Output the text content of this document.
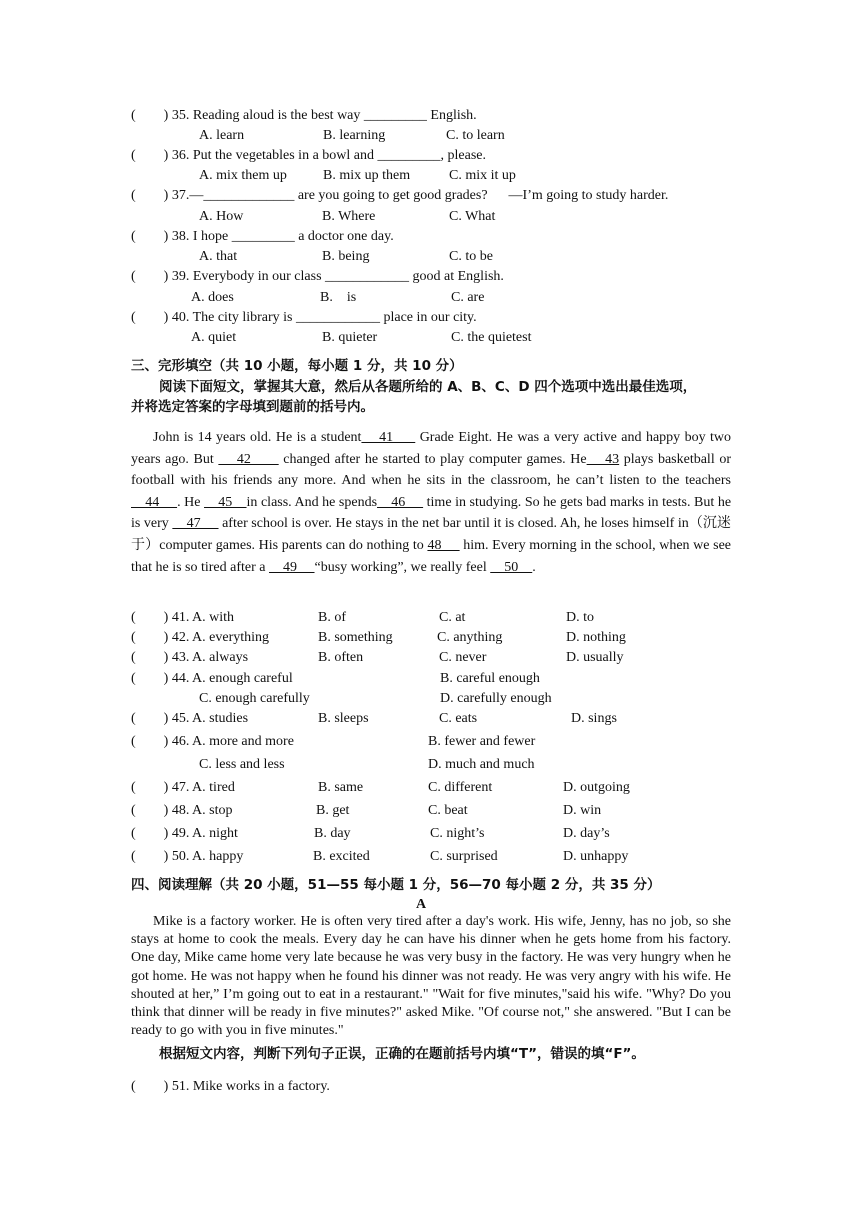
(        ) 35. Reading aloud is the best way _________ English.
A. learn	B. learning	C. to learn
(        ) 36. Put the vegetables in a bowl and _________, please.
A. mix them up	B. mix up them	C. mix it up
(        ) 37.—_____________ are you going to get good grades?      —I’m going to study harder.
A. How	B. Where	C. What
(        ) 38. I hope _________ a doctor one day.
A. that	B. being	C. to be
(        ) 39. Everybody in our class ____________ good at English.
A. does	B.    is	C. are
(        ) 40. The city library is ____________ place in our city.
A. quiet	B. quieter	C. the quietest
三、完形填空（共 10 小题，每小题 1 分，共 10 分）
阅读下面短文，掌握其大意，然后从各题所给的 A、B、C、D 四个选项中选出最佳选项，
并将选定答案的字母填到题前的括号内。
John is 14 years old. He is a student    41      Grade Eight. He was a very active and happy boy two years ago. But     42       changed after he started to play computer games. He    43 plays basketball or football with his friends any more. And when he sits in the classroom, he can’t listen to the teachers     44     . He     45    in class. And he spends    46      time in studying. So he gets bad marks in tests. But he is very     47      after school is over. He stays in the net bar until it is closed. Ah, he loses himself in（沉迷于）computer games. His parents can do nothing to 48      him. Every morning in the school, when we see that he is so tired after a     49     “busy working”, we really feel     50    .
(        ) 41. A. with	B. of	C. at	D. to
(        ) 42. A. everything	B. something	C. anything	D. nothing
(        ) 43. A. always	B. often	C. never	D. usually
(        ) 44. A. enough careful	B. careful enough
C. enough carefully	D. carefully enough
(        ) 45. A. studies	B. sleeps	C. eats	D. sings
(        ) 46. A. more and more	B. fewer and fewer
C. less and less	D. much and much
(        ) 47. A. tired	B. same	C. different	D. outgoing
(        ) 48. A. stop	B. get	C. beat	D. win
(        ) 49. A. night	B. day	C. night’s	D. day’s
(        ) 50. A. happy	B. excited	C. surprised	D. unhappy
四、阅读理解（共 20 小题，51—55 每小题 1 分，56—70 每小题 2 分，共 35 分）
A
Mike is a factory worker. He is often very tired after a day's work. His wife, Jenny, has no job, so she stays at home to cook the meals. Every day he can have his dinner when he gets home from his factory. One day, Mike came home very late because he was very busy in the factory. He was very hungry when he got home. He was not happy when he found his dinner was not ready. He was very angry with his wife. He shouted at her,” I’m going out to eat in a restaurant." "Wait for five minutes,"said his wife. "Why? Do you think that dinner will be ready in five minutes?" asked Mike. "Of course not," she answered. "But I can be ready to go with you in five minutes."
根据短文内容，判断下列句子正误，正确的在题前括号内填“T”，错误的填“F”。
(        ) 51. Mike works in a factory.
